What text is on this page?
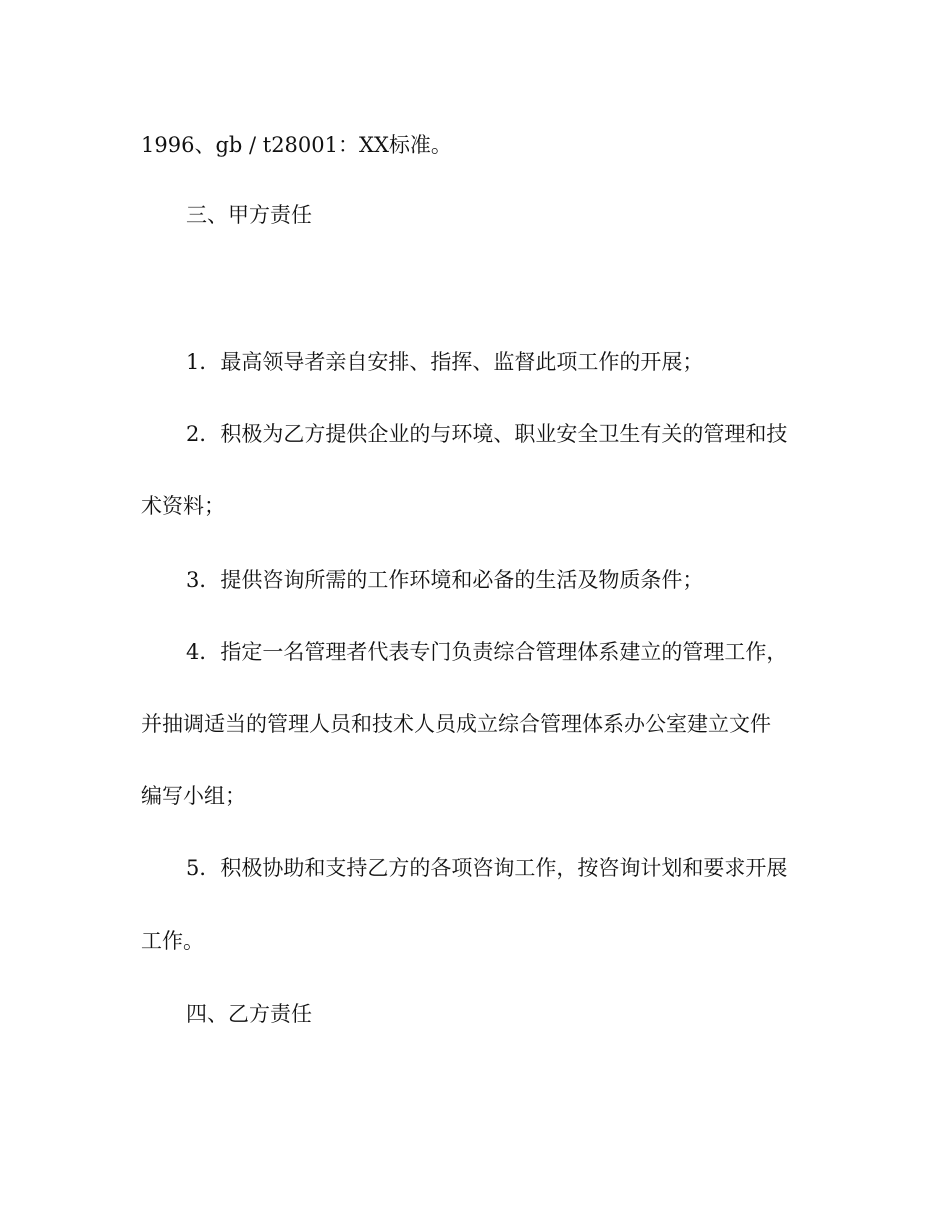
1996、gb / t28001：XX标准。
三、甲方责任
1．最高领导者亲自安排、指挥、监督此项工作的开展；
2．积极为乙方提供企业的与环境、职业安全卫生有关的管理和技
术资料；
3．提供咨询所需的工作环境和必备的生活及物质条件；
4．指定一名管理者代表专门负责综合管理体系建立的管理工作，
并抽调适当的管理人员和技术人员成立综合管理体系办公室建立文件
编写小组；
5．积极协助和支持乙方的各项咨询工作，按咨询计划和要求开展
工作。
四、乙方责任
